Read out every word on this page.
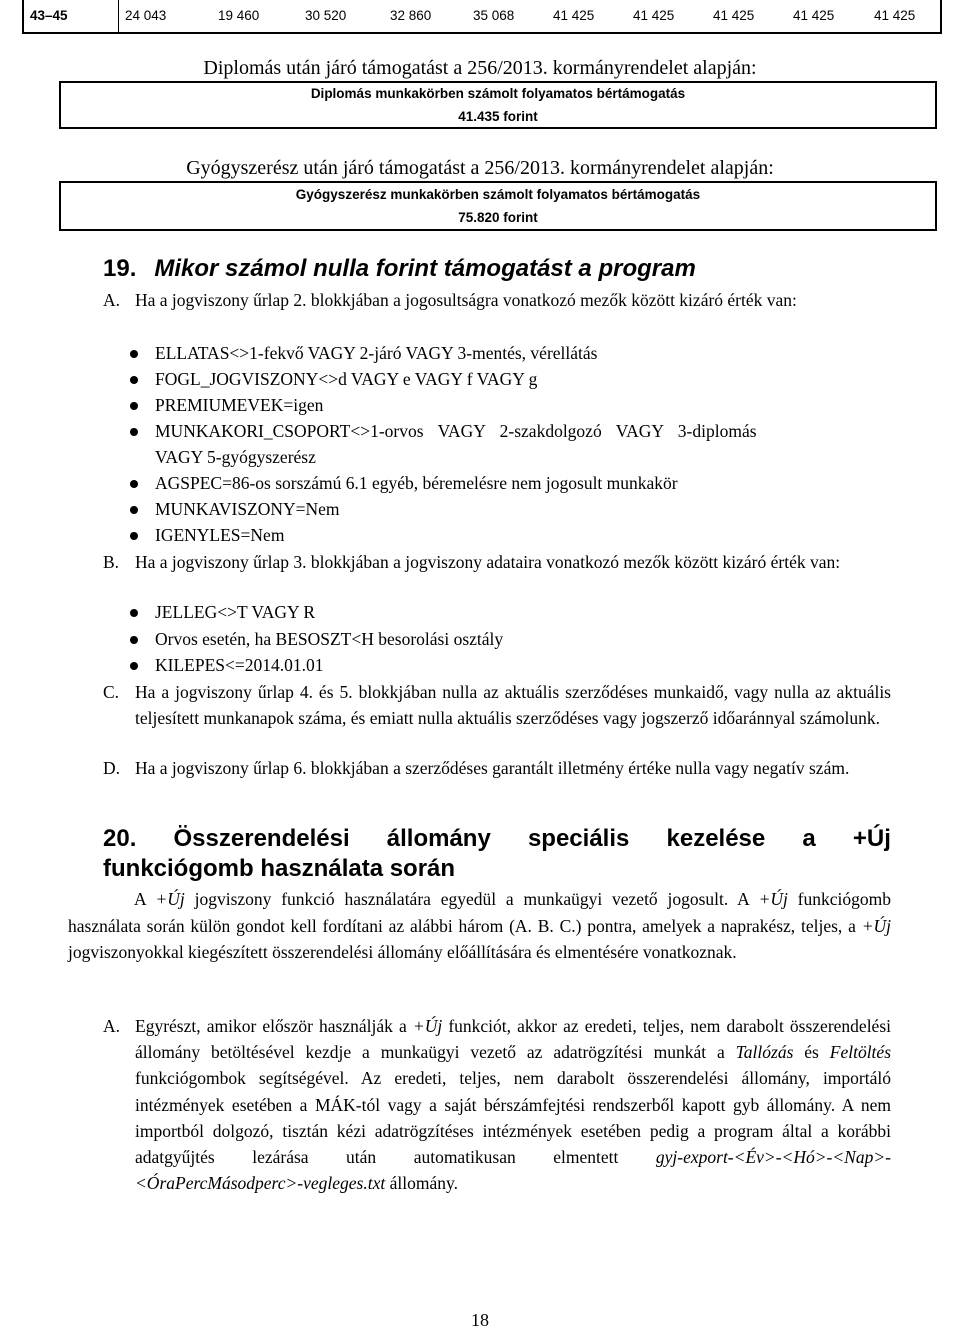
43–45	24 043	19 460	30 520	32 860	35 068	41 425	41 425	41 425	41 425	41 425
Diplomás után járó támogatást a 256/2013. kormányrendelet alapján:
Diplomás munkakörben számolt folyamatos bértámogatás
41.435 forint
Gyógyszerész után járó támogatást a 256/2013. kormányrendelet alapján:
Gyógyszerész munkakörben számolt folyamatos bértámogatás
75.820 forint
19. Mikor számol nulla forint támogatást a program
A. Ha a jogviszony űrlap 2. blokkjában a jogosultságra vonatkozó mezők között kizáró érték van:
ELLATAS<>1-fekvő VAGY 2-járó VAGY 3-mentés, vérellátás
FOGL_JOGVISZONY<>d VAGY e VAGY f VAGY g
PREMIUMEVEK=igen
MUNKAKORI_CSOPORT<>1-orvos VAGY 2-szakdolgozó VAGY 3-diplomás
VAGY 5-gyógyszerész
AGSPEC=86-os sorszámú 6.1 egyéb, béremelésre nem jogosult munkakör
MUNKAVISZONY=Nem
IGENYLES=Nem
B. Ha a jogviszony űrlap 3. blokkjában a jogviszony adataira vonatkozó mezők között kizáró érték van:
JELLEG<>T VAGY R
Orvos esetén, ha BESOSZT<H besorolási osztály
KILEPES<=2014.01.01
C. Ha a jogviszony űrlap 4. és 5. blokkjában nulla az aktuális szerződéses munkaidő, vagy nulla az aktuális teljesített munkanapok száma, és emiatt nulla aktuális szerződéses vagy jogszerző időaránnyal számolunk.
D. Ha a jogviszony űrlap 6. blokkjában a szerződéses garantált illetmény értéke nulla vagy negatív szám.
20. Összerendelési állomány speciális kezelése a +Új
funkciógomb használata során
A +Új jogviszony funkció használatára egyedül a munkaügyi vezető jogosult. A +Új funkciógomb használata során külön gondot kell fordítani az alábbi három (A. B. C.) pontra, amelyek a naprakész, teljes, a +Új jogviszonyokkal kiegészített összerendelési állomány előállítására és elmentésére vonatkoznak.
A. Egyrészt, amikor először használják a +Új funkciót, akkor az eredeti, teljes, nem darabolt összerendelési állomány betöltésével kezdje a munkaügyi vezető az adatrögzítési munkát a Tallózás és Feltöltés funkciógombok segítségével. Az eredeti, teljes, nem darabolt összerendelési állomány, importáló intézmények esetében a MÁK-tól vagy a saját bérszámfejtési rendszerből kapott gyb állomány. A nem importból dolgozó, tisztán kézi adatrögzítéses intézmények esetében pedig a program által a korábbi adatgyűjtés lezárása után automatikusan elmentett gyj-export-<Év>-<Hó>-<Nap>-<ÓraPercMásodperc>-vegleges.txt állomány.
18
